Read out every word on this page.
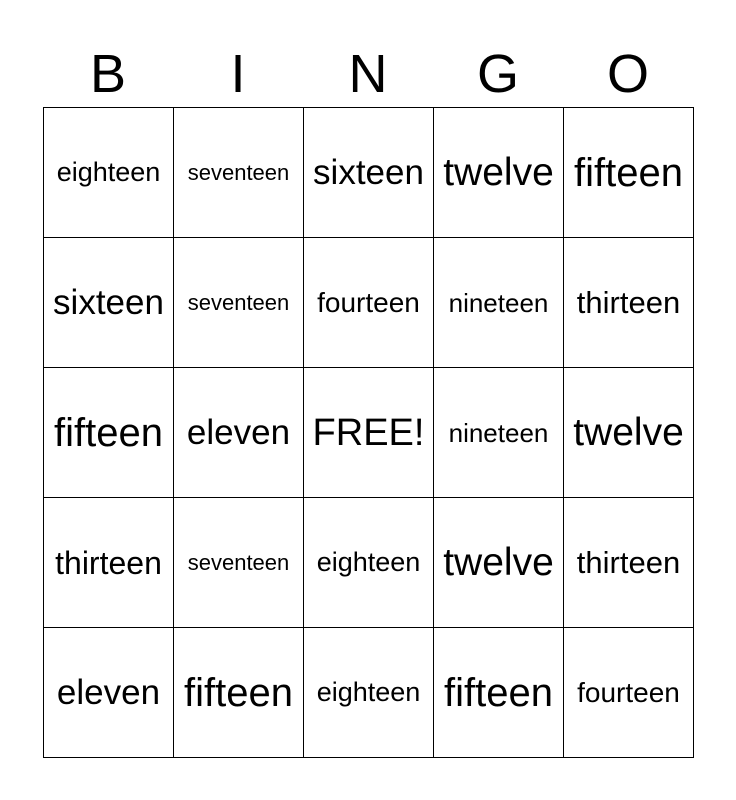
B	I	N	G	O
eighteen seventeen sixteen twelve fifteen
sixteen seventeen fourteen nineteen thirteen
fifteen eleven FREE! nineteen twelve
thirteen seventeen eighteen twelve thirteen
eleven fifteen eighteen fifteen fourteen
